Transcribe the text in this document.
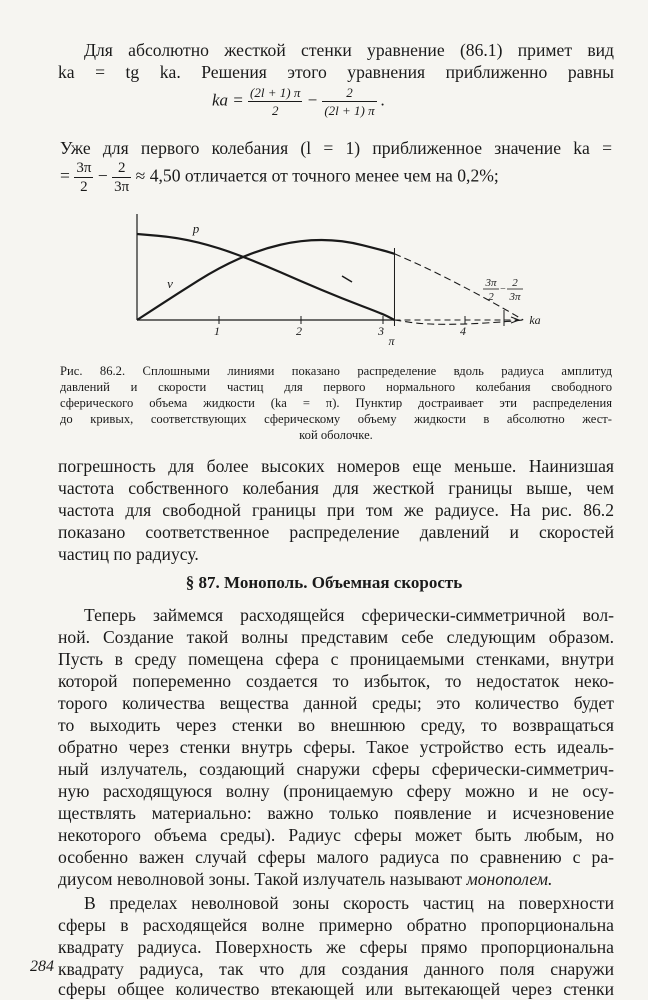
Для абсолютно жесткой стенки уравнение (86.1) примет вид
ka = tg ka. Решения этого уравнения приближенно равны
ka = $\frac{(2l + 1) \pi}{2} - \frac{2}{(2l + 1) \pi}$ .
Уже для первого колебания (l = 1) приближенное значение ka =
= $\frac{3\pi}{2} - \frac{2}{3\pi} \approx 4,50$ отличается от точного менее чем на 0,2%;
1	2	3	4
p
v
π
ka
3π
2
−
2
3π
Рис. 86.2. Сплошными линиями показано распределение вдоль радиуса амплитуд
давлений и скорости частиц для первого нормального колебания свободного
сферического объема жидкости (ka = π). Пунктир достраивает эти распределения
до кривых, соответствующих сферическому объему жидкости в абсолютно жест-
кой оболочке.
погрешность для более высоких номеров еще меньше. Наинизшая
частота собственного колебания для жесткой границы выше, чем
частота для свободной границы при том же радиусе. На рис. 86.2
показано соответственное распределение давлений и скоростей
частиц по радиусу.
§ 87. Монополь. Объемная скорость
Теперь займемся расходящейся сферически-симметричной вол-
ной. Создание такой волны представим себе следующим образом.
Пусть в среду помещена сфера с проницаемыми стенками, внутри
которой попеременно создается то избыток, то недостаток неко-
торого количества вещества данной среды; это количество будет
то выходить через стенки во внешнюю среду, то возвращаться
обратно через стенки внутрь сферы. Такое устройство есть идеаль-
ный излучатель, создающий снаружи сферы сферически-симметрич-
ную расходящуюся волну (проницаемую сферу можно и не осу-
ществлять материально: важно только появление и исчезновение
некоторого объема среды). Радиус сферы может быть любым, но
особенно важен случай сферы малого радиуса по сравнению с ра-
диусом неволновой зоны. Такой излучатель называют монополем.
В пределах неволновой зоны скорость частиц на поверхности
сферы в расходящейся волне примерно обратно пропорциональна
квадрату радиуса. Поверхность же сферы прямо пропорциональна
квадрату радиуса, так что для создания данного поля снаружи
сферы общее количество втекающей или вытекающей через стенки
284
